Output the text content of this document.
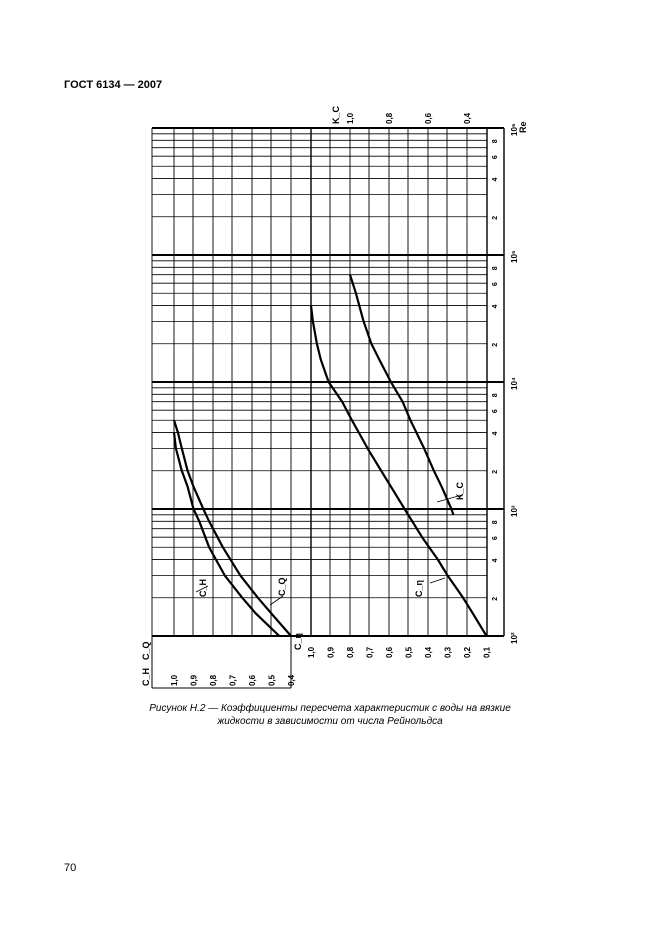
ГОСТ 6134 — 2007
10²
10³
10⁴
10⁵
10⁶
2
4
6
8
2
4
6
8
2
4
6
8
2
4
6
8
Re
1,0	0,8	0,6	0,4
K_C
1,0 0,9 0,8 0,7 0,6 0,5 0,4 0,3 0,2 0,1
C_η
1,0 0,9 0,8 0,7 0,6 0,5 0,4
C_H
C_Q
K_C
C_η
C_H	C_Q
Рисунок Н.2 — Коэффициенты пересчета характеристик с воды на вязкие
жидкости в зависимости от числа Рейнольдса
70
